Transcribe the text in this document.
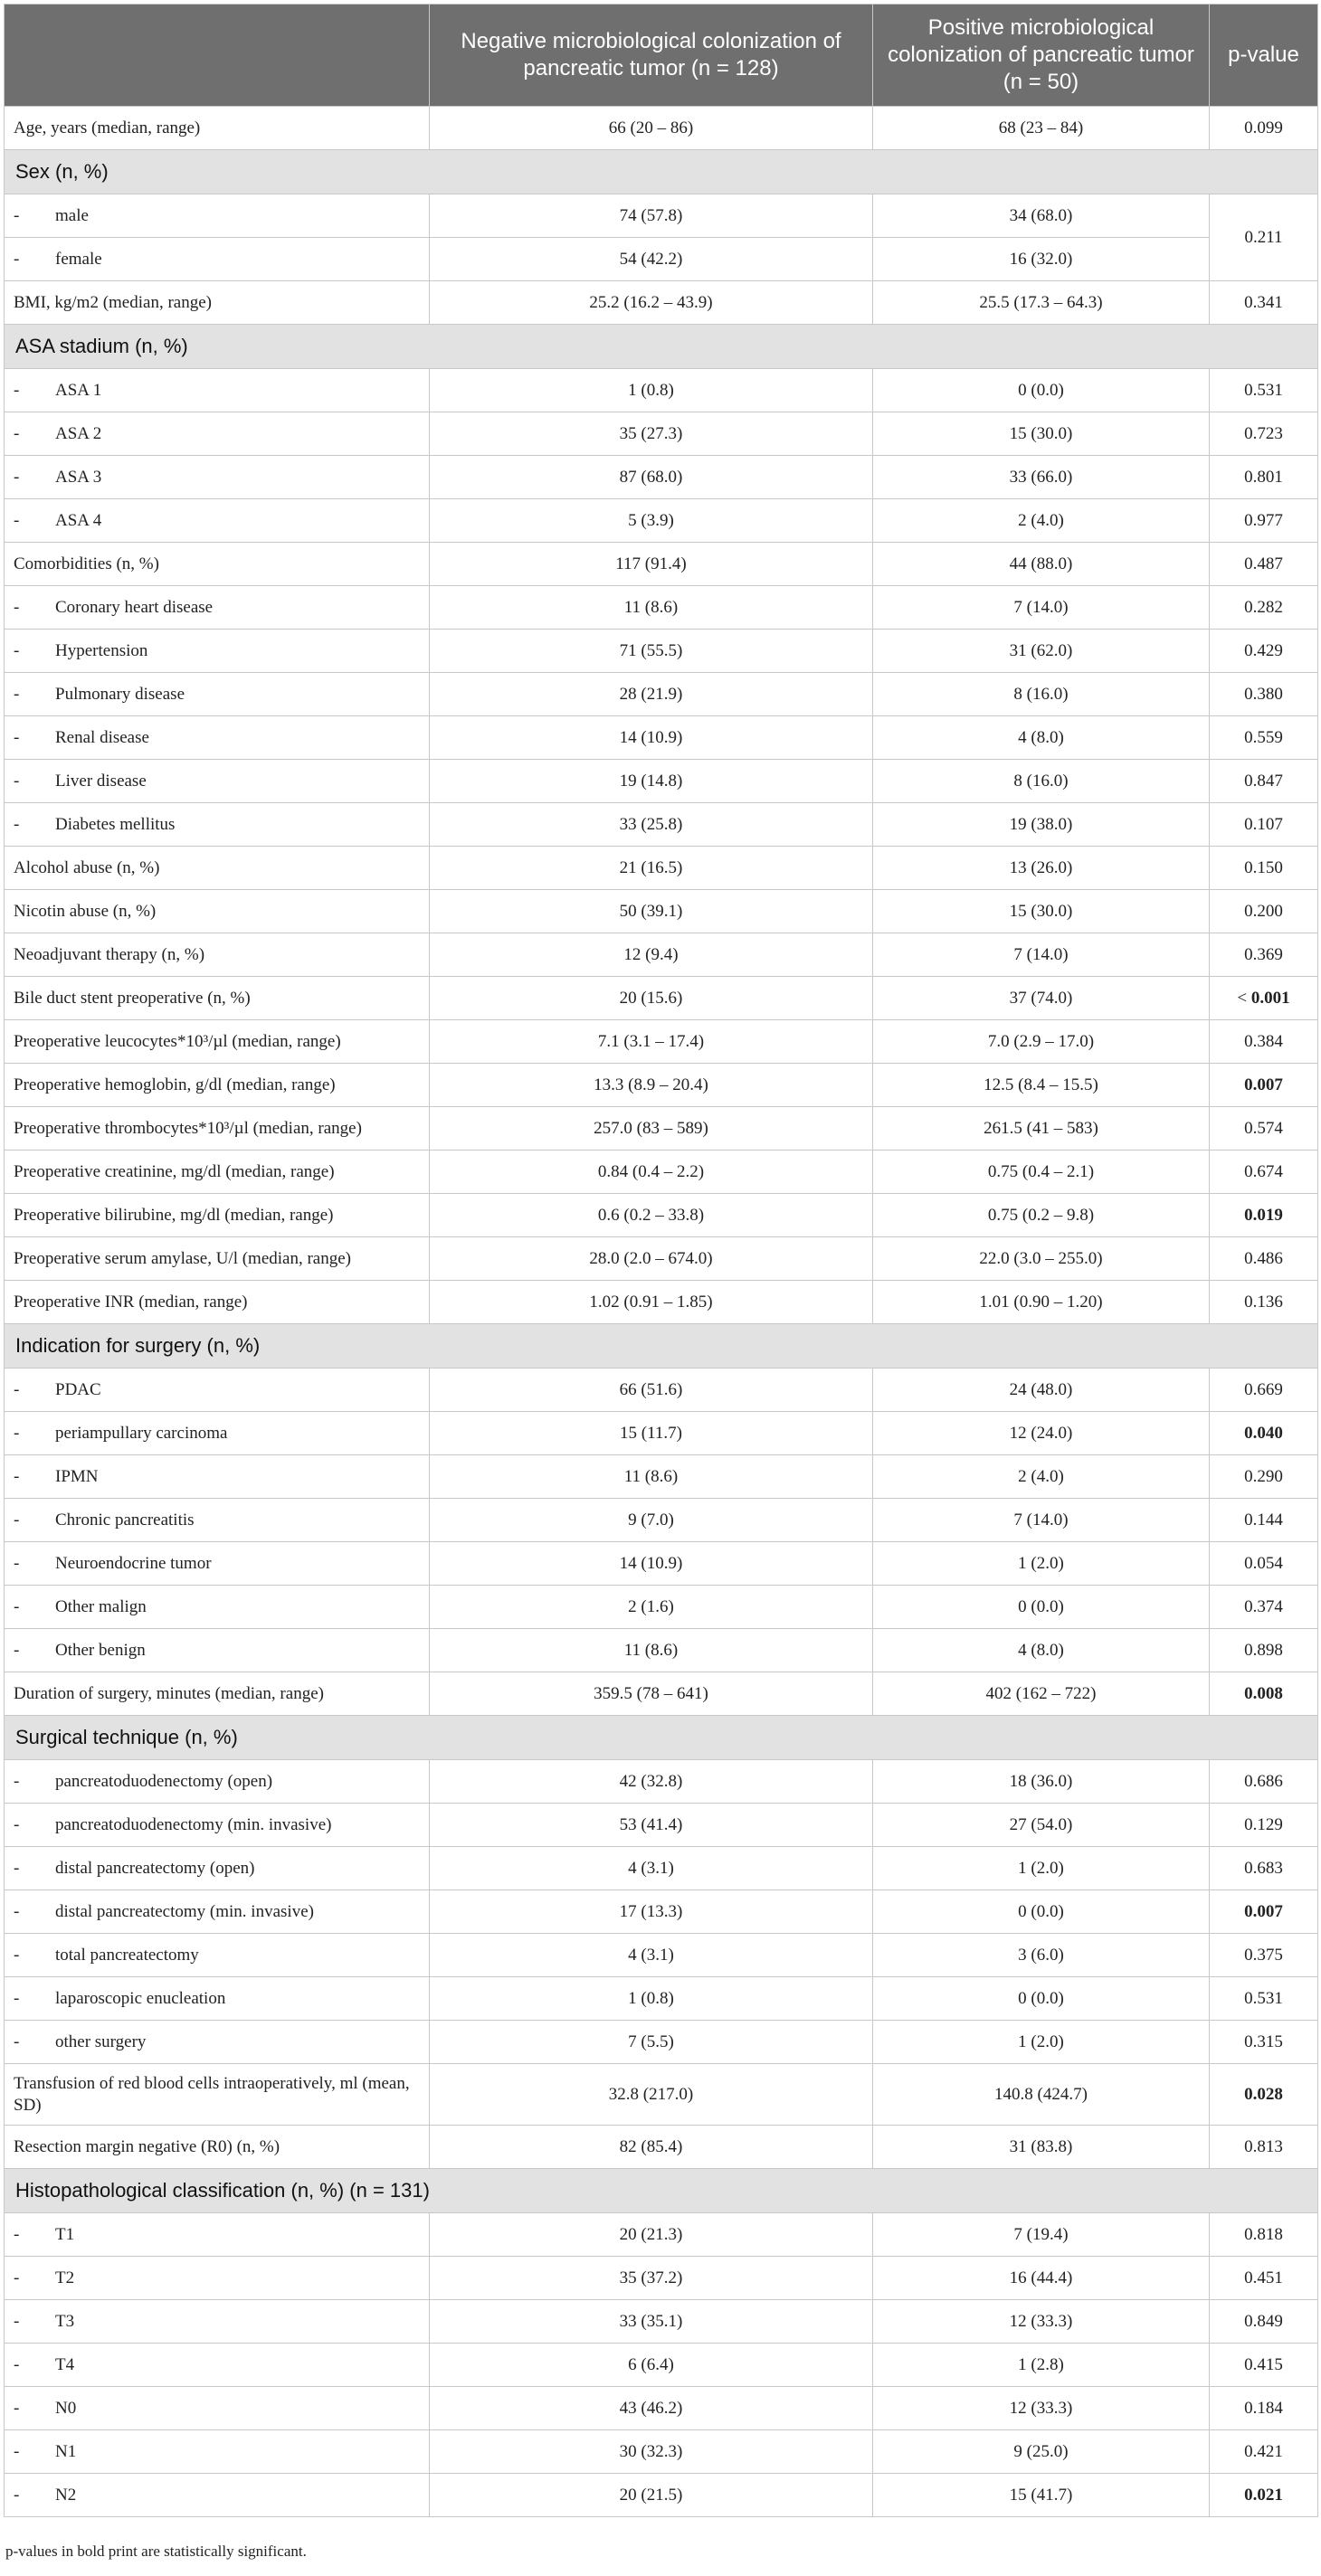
	Negative microbiological colonization of pancreatic tumor (n = 128)	Positive microbiological colonization of pancreatic tumor (n = 50)	p-value
Age, years (median, range)	66 (20 – 86)	68 (23 – 84)	0.099
Sex (n, %)			
- male	74 (57.8)	34 (68.0)	0.211
- female	54 (42.2)	16 (32.0)	
BMI, kg/m2 (median, range)	25.2 (16.2 – 43.9)	25.5 (17.3 – 64.3)	0.341
ASA stadium (n, %)			
- ASA 1	1 (0.8)	0 (0.0)	0.531
- ASA 2	35 (27.3)	15 (30.0)	0.723
- ASA 3	87 (68.0)	33 (66.0)	0.801
- ASA 4	5 (3.9)	2 (4.0)	0.977
Comorbidities (n, %)	117 (91.4)	44 (88.0)	0.487
- Coronary heart disease	11 (8.6)	7 (14.0)	0.282
- Hypertension	71 (55.5)	31 (62.0)	0.429
- Pulmonary disease	28 (21.9)	8 (16.0)	0.380
- Renal disease	14 (10.9)	4 (8.0)	0.559
- Liver disease	19 (14.8)	8 (16.0)	0.847
- Diabetes mellitus	33 (25.8)	19 (38.0)	0.107
Alcohol abuse (n, %)	21 (16.5)	13 (26.0)	0.150
Nicotin abuse (n, %)	50 (39.1)	15 (30.0)	0.200
Neoadjuvant therapy (n, %)	12 (9.4)	7 (14.0)	0.369
Bile duct stent preoperative (n, %)	20 (15.6)	37 (74.0)	< 0.001
Preoperative leucocytes*10³/µl (median, range)	7.1 (3.1 – 17.4)	7.0 (2.9 – 17.0)	0.384
Preoperative hemoglobin, g/dl (median, range)	13.3 (8.9 – 20.4)	12.5 (8.4 – 15.5)	0.007
Preoperative thrombocytes*10³/µl (median, range)	257.0 (83 – 589)	261.5 (41 – 583)	0.574
Preoperative creatinine, mg/dl (median, range)	0.84 (0.4 – 2.2)	0.75 (0.4 – 2.1)	0.674
Preoperative bilirubine, mg/dl (median, range)	0.6 (0.2 – 33.8)	0.75 (0.2 – 9.8)	0.019
Preoperative serum amylase, U/l (median, range)	28.0 (2.0 – 674.0)	22.0 (3.0 – 255.0)	0.486
Preoperative INR (median, range)	1.02 (0.91 – 1.85)	1.01 (0.90 – 1.20)	0.136
Indication for surgery (n, %)			
- PDAC	66 (51.6)	24 (48.0)	0.669
- periampullary carcinoma	15 (11.7)	12 (24.0)	0.040
- IPMN	11 (8.6)	2 (4.0)	0.290
- Chronic pancreatitis	9 (7.0)	7 (14.0)	0.144
- Neuroendocrine tumor	14 (10.9)	1 (2.0)	0.054
- Other malign	2 (1.6)	0 (0.0)	0.374
- Other benign	11 (8.6)	4 (8.0)	0.898
Duration of surgery, minutes (median, range)	359.5 (78 – 641)	402 (162 – 722)	0.008
Surgical technique (n, %)			
- pancreatoduodenectomy (open)	42 (32.8)	18 (36.0)	0.686
- pancreatoduodenectomy (min. invasive)	53 (41.4)	27 (54.0)	0.129
- distal pancreatectomy (open)	4 (3.1)	1 (2.0)	0.683
- distal pancreatectomy (min. invasive)	17 (13.3)	0 (0.0)	0.007
- total pancreatectomy	4 (3.1)	3 (6.0)	0.375
- laparoscopic enucleation	1 (0.8)	0 (0.0)	0.531
- other surgery	7 (5.5)	1 (2.0)	0.315
Transfusion of red blood cells intraoperatively, ml (mean, SD)	32.8 (217.0)	140.8 (424.7)	0.028
Resection margin negative (R0) (n, %)	82 (85.4)	31 (83.8)	0.813
Histopathological classification (n, %) (n = 131)			
- T1	20 (21.3)	7 (19.4)	0.818
- T2	35 (37.2)	16 (44.4)	0.451
- T3	33 (35.1)	12 (33.3)	0.849
- T4	6 (6.4)	1 (2.8)	0.415
- N0	43 (46.2)	12 (33.3)	0.184
- N1	30 (32.3)	9 (25.0)	0.421
- N2	20 (21.5)	15 (41.7)	0.021
p-values in bold print are statistically significant.
